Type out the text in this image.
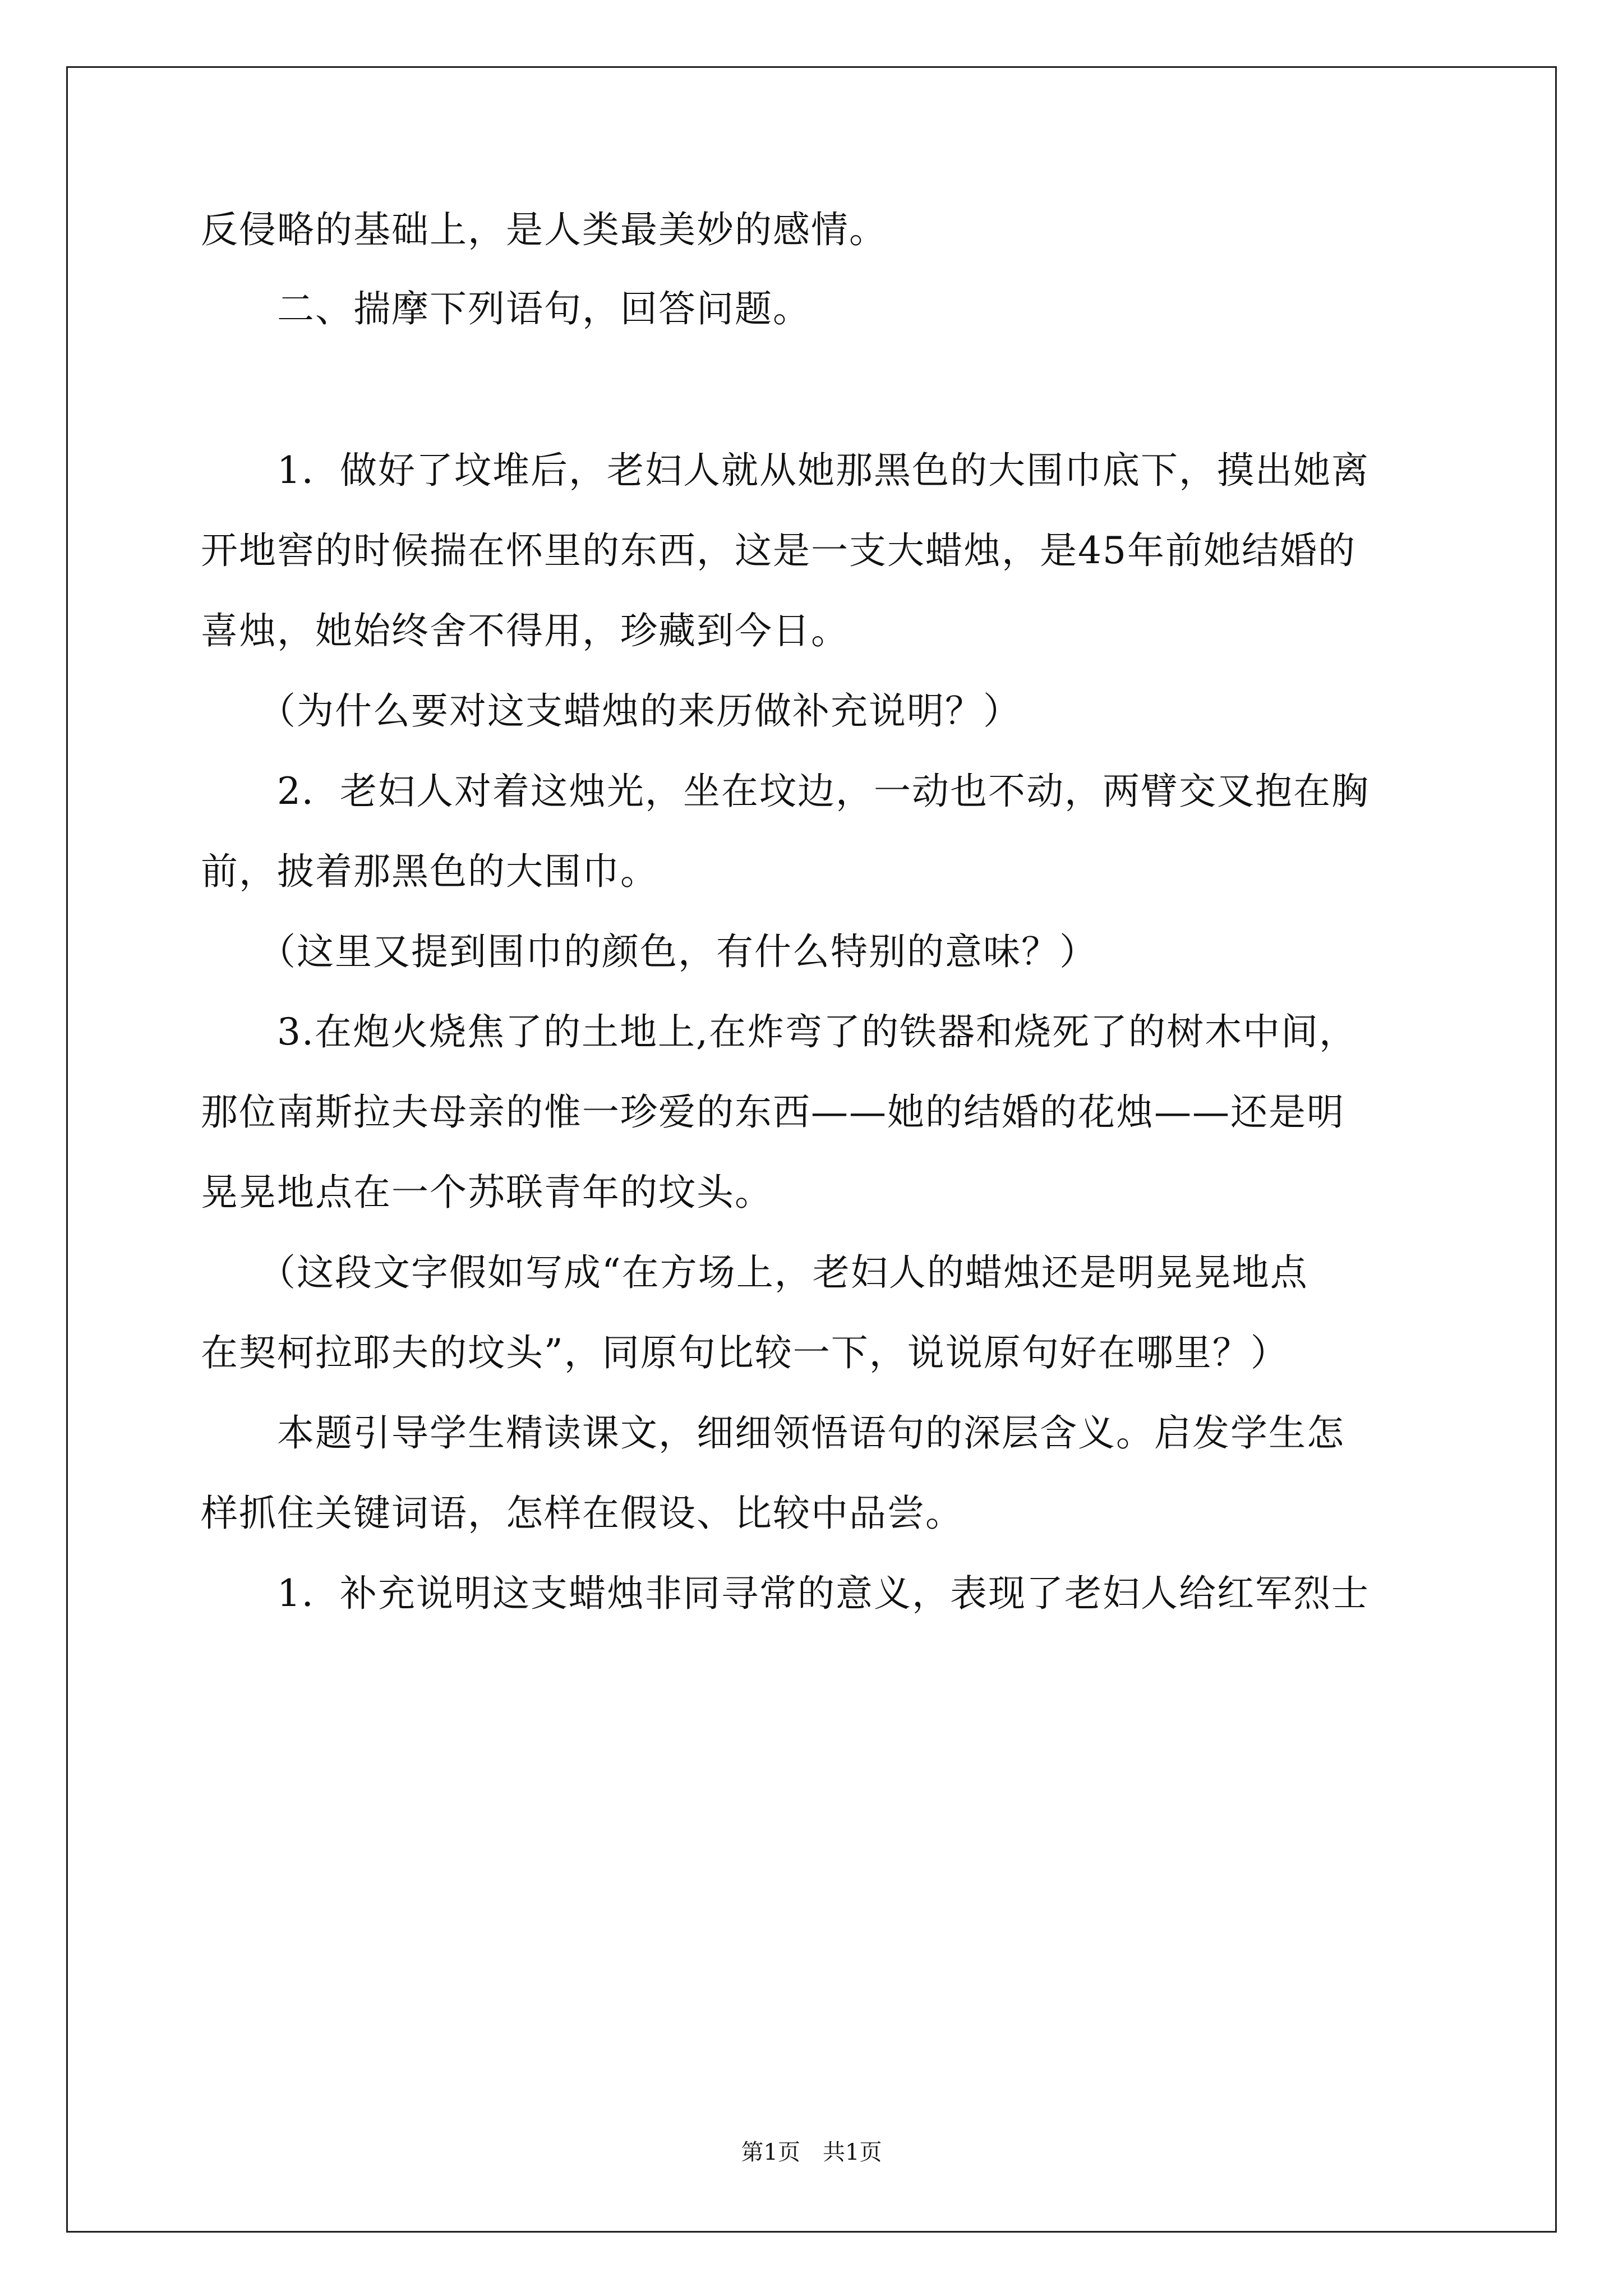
反侵略的基础上，是人类最美妙的感情。
　　二、揣摩下列语句，回答问题。
　　1．做好了坟堆后，老妇人就从她那黑色的大围巾底下，摸出她离
开地窖的时候揣在怀里的东西，这是一支大蜡烛，是45年前她结婚的
喜烛，她始终舍不得用，珍藏到今日。
　　（为什么要对这支蜡烛的来历做补充说明？）
　　2．老妇人对着这烛光，坐在坟边，一动也不动，两臂交叉抱在胸
前，披着那黑色的大围巾。
　　（这里又提到围巾的颜色，有什么特别的意味？）
　　3.在炮火烧焦了的土地上,在炸弯了的铁器和烧死了的树木中间，
那位南斯拉夫母亲的惟一珍爱的东西——她的结婚的花烛——还是明
晃晃地点在一个苏联青年的坟头。
　　（这段文字假如写成“在方场上，老妇人的蜡烛还是明晃晃地点
在契柯拉耶夫的坟头”，同原句比较一下，说说原句好在哪里？）
　　本题引导学生精读课文，细细领悟语句的深层含义。启发学生怎
样抓住关键词语，怎样在假设、比较中品尝。
　　1．补充说明这支蜡烛非同寻常的意义，表现了老妇人给红军烈士
第1页　共1页
